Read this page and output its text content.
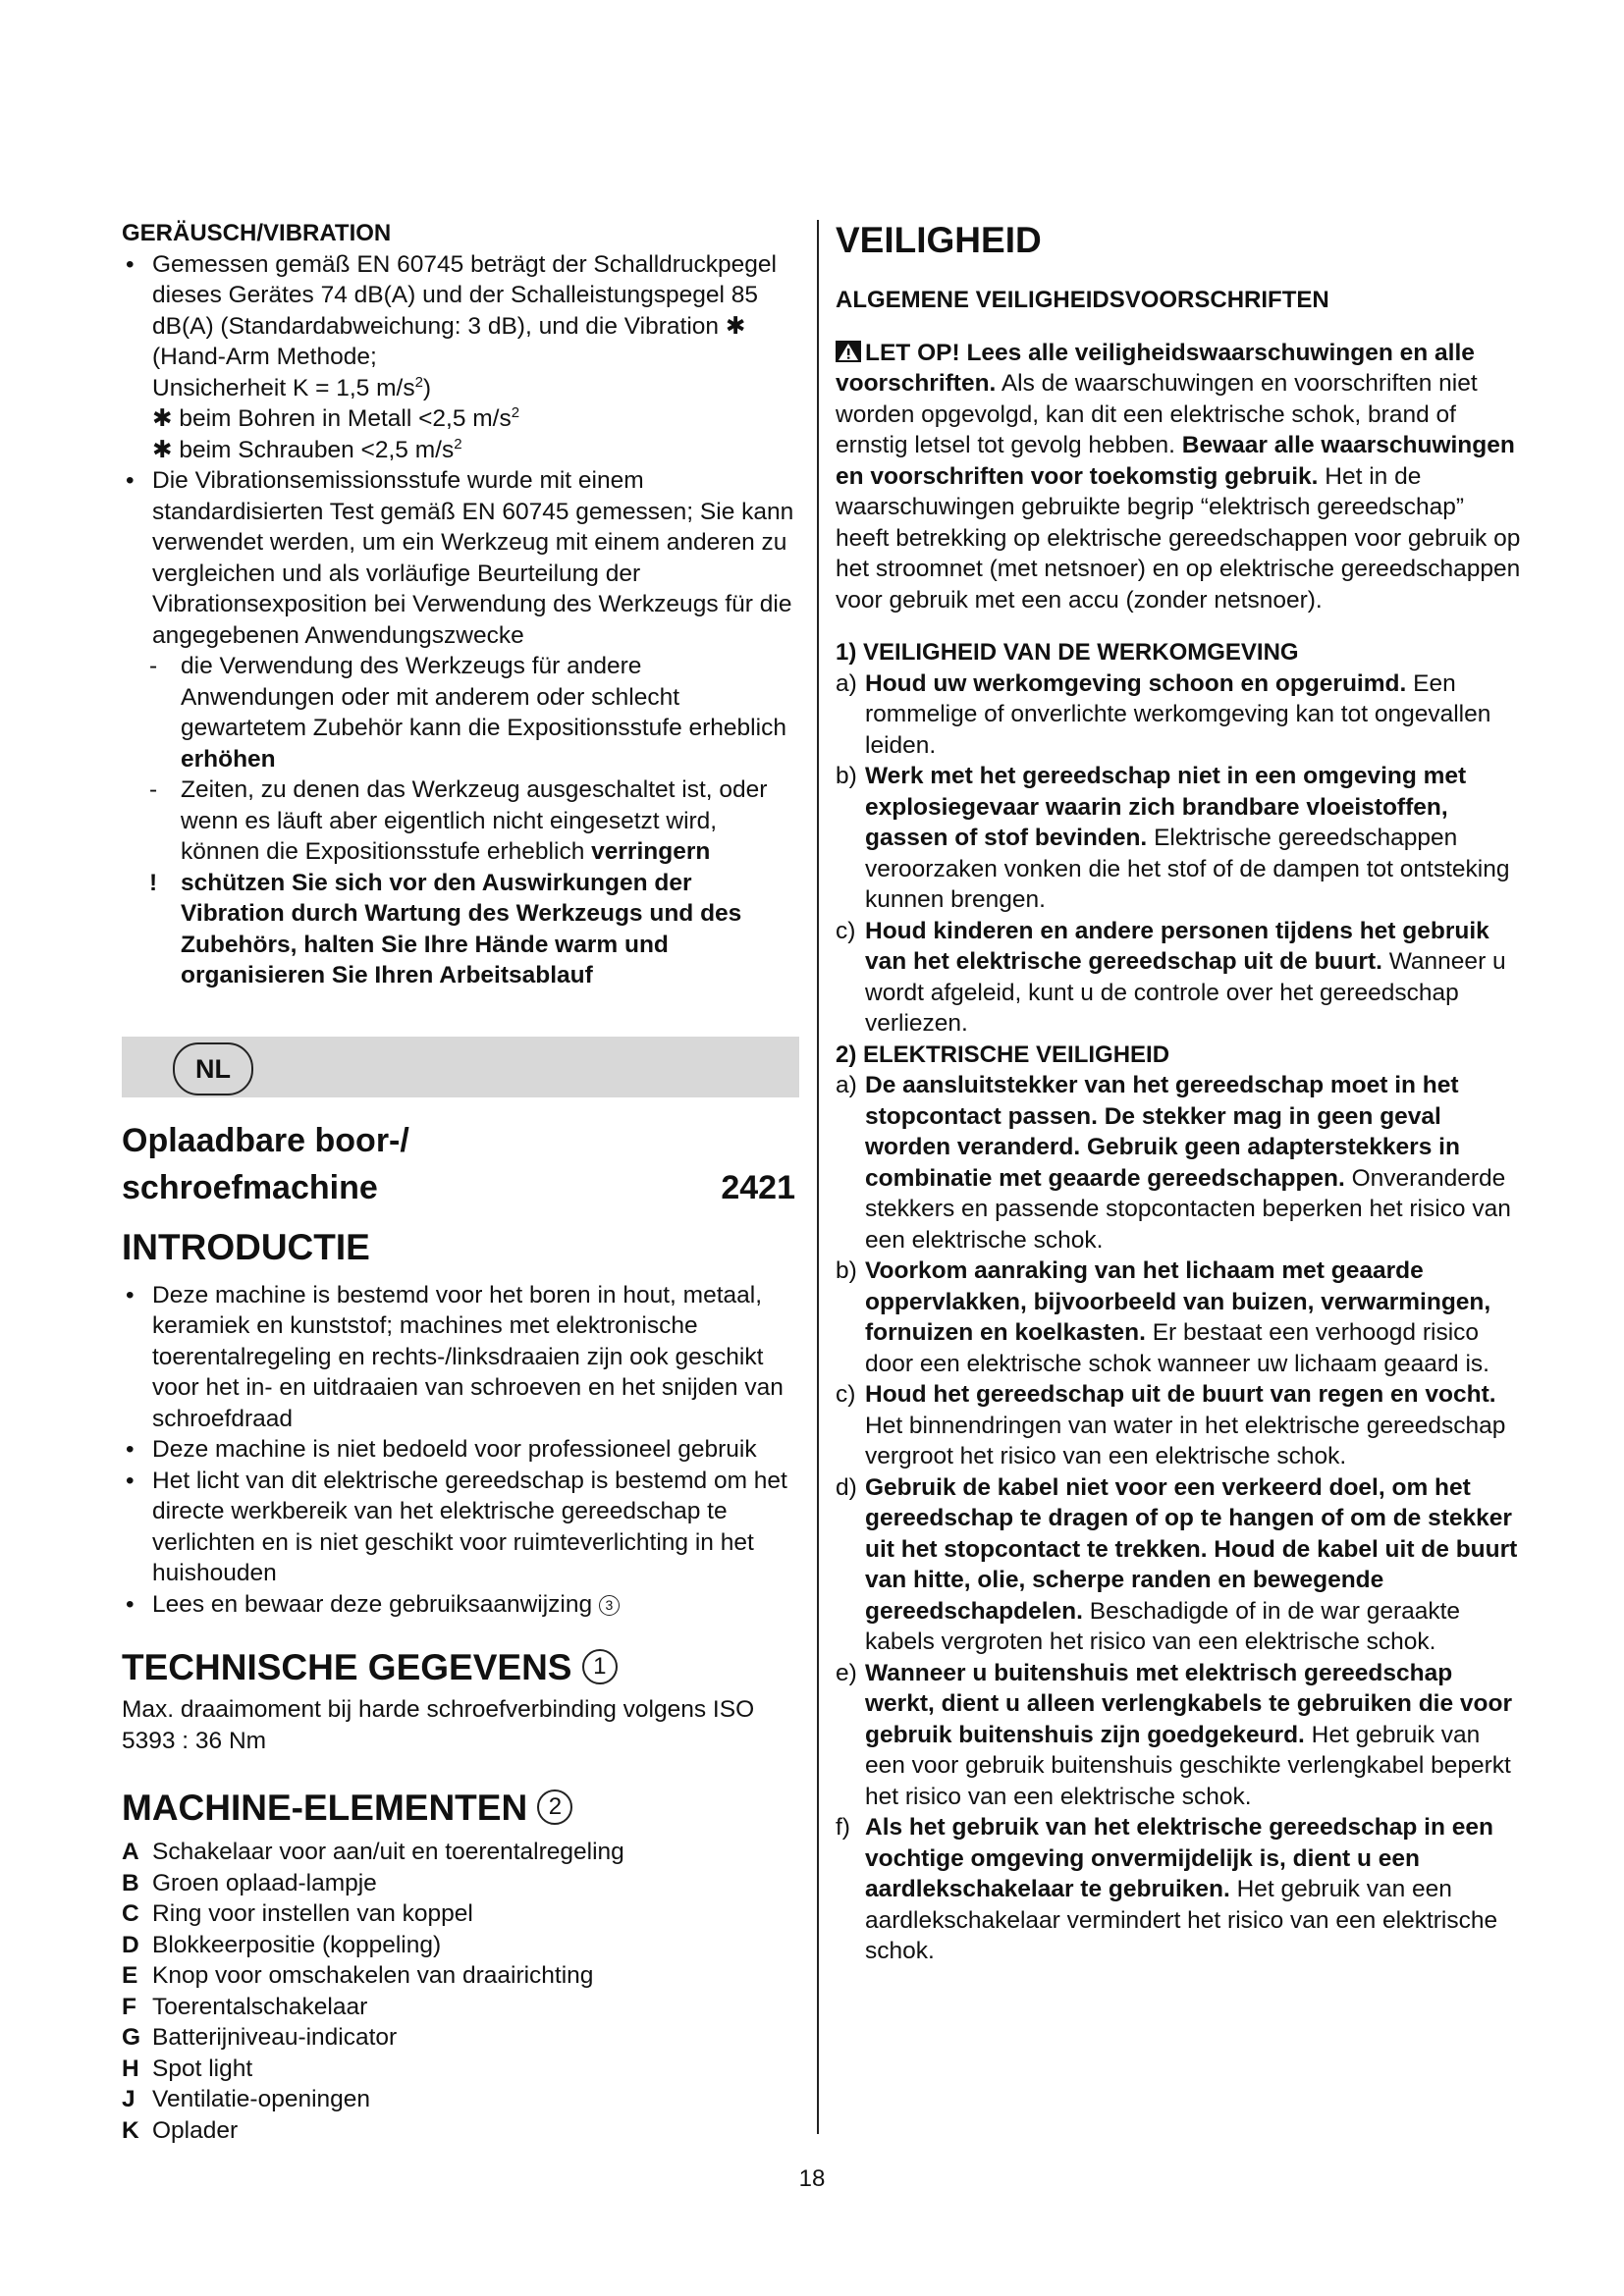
GERÄUSCH/VIBRATION

• Gemessen gemäß EN 60745 beträgt der Schalldruckpegel dieses Gerätes 74 dB(A) und der Schalleistungspegel 85 dB(A) (Standardabweichung: 3 dB), und die Vibration ✱ (Hand-Arm Methode;
Unsicherheit K = 1,5 $m/s^2$)
✱ beim Bohren in Metall <2,5 $m/s^2$
✱ beim Schrauben <2,5 $m/s^2$
• Die Vibrationsemissionsstufe wurde mit einem standardisierten Test gemäß EN 60745 gemessen; Sie kann verwendet werden, um ein Werkzeug mit einem anderen zu vergleichen und als vorläufige Beurteilung der Vibrationsexposition bei Verwendung des Werkzeugs für die angegebenen Anwendungszwecke
- die Verwendung des Werkzeugs für andere Anwendungen oder mit anderem oder schlecht gewartetem Zubehör kann die Expositionsstufe erheblich erhöhen
- Zeiten, zu denen das Werkzeug ausgeschaltet ist, oder wenn es läuft aber eigentlich nicht eingesetzt wird, können die Expositionsstufe erheblich verringern
! schützen Sie sich vor den Auswirkungen der Vibration durch Wartung des Werkzeugs und des Zubehörs, halten Sie Ihre Hände warm und organisieren Sie Ihren Arbeitsablauf
NL
Oplaadbare boor-/
schroefmachine	2421
INTRODUCTIE
• Deze machine is bestemd voor het boren in hout, metaal, keramiek en kunststof; machines met elektronische toerentalregeling en rechts-/linksdraaien zijn ook geschikt voor het in- en uitdraaien van schroeven en het snijden van schroefdraad
• Deze machine is niet bedoeld voor professioneel gebruik
• Het licht van dit elektrische gereedschap is bestemd om het directe werkbereik van het elektrische gereedschap te verlichten en is niet geschikt voor ruimteverlichting in het huishouden
• Lees en bewaar deze gebruiksaanwijzing 3
TECHNISCHE GEGEVENS 1
Max. draaimoment bij harde schroefverbinding volgens ISO 5393 : 36 Nm
MACHINE-ELEMENTEN 2
A Schakelaar voor aan/uit en toerentalregeling
B Groen oplaad-lampje
C Ring voor instellen van koppel
D Blokkeerpositie (koppeling)
E Knop voor omschakelen van draairichting
F Toerentalschakelaar
G Batterijniveau-indicator
H Spot light
J Ventilatie-openingen
K Oplader
VEILIGHEID

ALGEMENE VEILIGHEIDSVOORSCHRIFTEN

LET OP! Lees alle veiligheidswaarschuwingen en alle voorschriften. Als de waarschuwingen en voorschriften niet worden opgevolgd, kan dit een elektrische schok, brand of ernstig letsel tot gevolg hebben. Bewaar alle waarschuwingen en voorschriften voor toekomstig gebruik. Het in de waarschuwingen gebruikte begrip “elektrisch gereedschap” heeft betrekking op elektrische gereedschappen voor gebruik op het stroomnet (met netsnoer) en op elektrische gereedschappen voor gebruik met een accu (zonder netsnoer).

1) VEILIGHEID VAN DE WERKOMGEVING

a) Houd uw werkomgeving schoon en opgeruimd. Een rommelige of onverlichte werkomgeving kan tot ongevallen leiden.
b) Werk met het gereedschap niet in een omgeving met explosiegevaar waarin zich brandbare vloeistoffen, gassen of stof bevinden. Elektrische gereedschappen veroorzaken vonken die het stof of de dampen tot ontsteking kunnen brengen.
c) Houd kinderen en andere personen tijdens het gebruik van het elektrische gereedschap uit de buurt. Wanneer u wordt afgeleid, kunt u de controle over het gereedschap verliezen.

2) ELEKTRISCHE VEILIGHEID

a) De aansluitstekker van het gereedschap moet in het stopcontact passen. De stekker mag in geen geval worden veranderd. Gebruik geen adapterstekkers in combinatie met geaarde gereedschappen. Onveranderde stekkers en passende stopcontacten beperken het risico van een elektrische schok.
b) Voorkom aanraking van het lichaam met geaarde oppervlakken, bijvoorbeeld van buizen, verwarmingen, fornuizen en koelkasten. Er bestaat een verhoogd risico door een elektrische schok wanneer uw lichaam geaard is.
c) Houd het gereedschap uit de buurt van regen en vocht. Het binnendringen van water in het elektrische gereedschap vergroot het risico van een elektrische schok.
d) Gebruik de kabel niet voor een verkeerd doel, om het gereedschap te dragen of op te hangen of om de stekker uit het stopcontact te trekken. Houd de kabel uit de buurt van hitte, olie, scherpe randen en bewegende gereedschapdelen. Beschadigde of in de war geraakte kabels vergroten het risico van een elektrische schok.
e) Wanneer u buitenshuis met elektrisch gereedschap werkt, dient u alleen verlengkabels te gebruiken die voor gebruik buitenshuis zijn goedgekeurd. Het gebruik van een voor gebruik buitenshuis geschikte verlengkabel beperkt het risico van een elektrische schok.
f) Als het gebruik van het elektrische gereedschap in een vochtige omgeving onvermijdelijk is, dient u een aardlekschakelaar te gebruiken. Het gebruik van een aardlekschakelaar vermindert het risico van een elektrische schok.
18
